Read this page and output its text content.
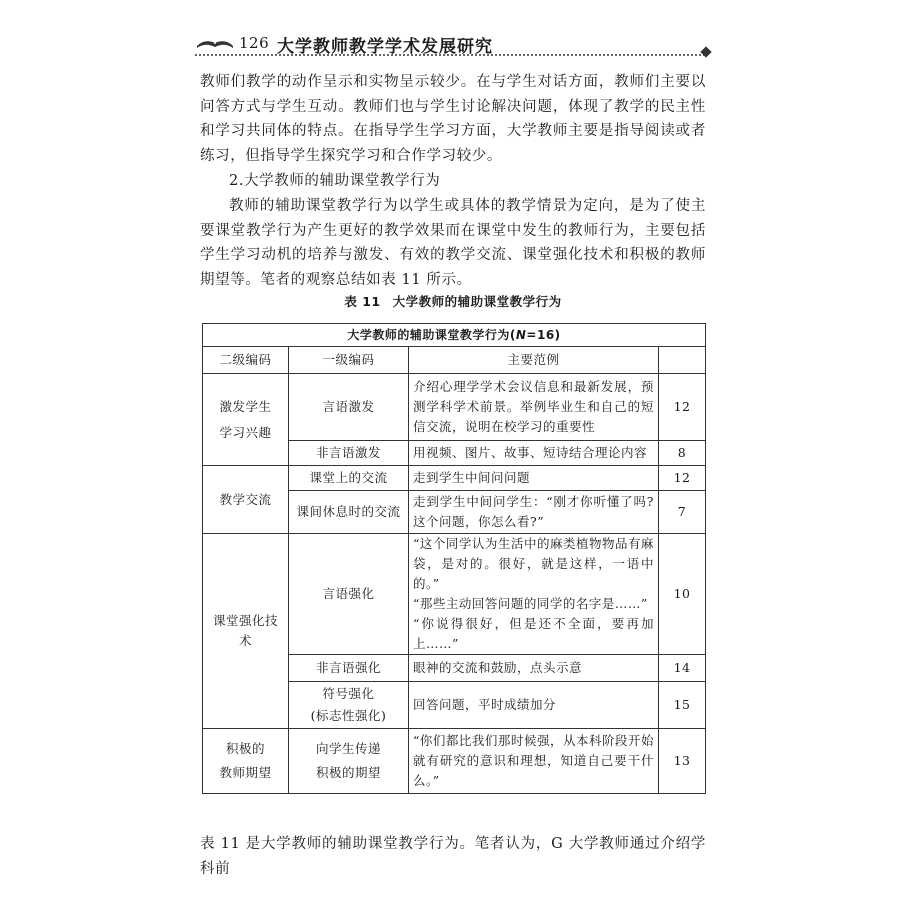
126 大学教师教学学术发展研究

教师们教学的动作呈示和实物呈示较少。在与学生对话方面，教师们主要以问答方式与学生互动。教师们也与学生讨论解决问题，体现了教学的民主性和学习共同体的特点。在指导学生学习方面，大学教师主要是指导阅读或者练习，但指导学生探究学习和合作学习较少。

2.大学教师的辅助课堂教学行为

教师的辅助课堂教学行为以学生或具体的教学情景为定向，是为了使主要课堂教学行为产生更好的教学效果而在课堂中发生的教师行为，主要包括学生学习动机的培养与激发、有效的教学交流、课堂强化技术和积极的教师期望等。笔者的观察总结如表 11 所示。

表 11 大学教师的辅助课堂教学行为
大学教师的辅助课堂教学行为(N=16)			
二级编码	一级编码	主要范例	
激发学生
学习兴趣	言语激发	介绍心理学学术会议信息和最新发展，预测学科学术前景。举例毕业生和自己的短信交流，说明在校学习的重要性	12
	非言语激发	用视频、图片、故事、短诗结合理论内容	8
教学交流	课堂上的交流	走到学生中间问问题	12
	课间休息时的交流	走到学生中间问学生：“刚才你听懂了吗?这个问题，你怎么看?”	7
课堂强化技术	言语强化	“这个同学认为生活中的麻类植物物品有麻袋，是对的。很好，就是这样，一语中的。”
“那些主动回答问题的同学的名字是……”
“你说得很好，但是还不全面，要再加上……”	10
	非言语强化	眼神的交流和鼓励，点头示意	14
	符号强化
(标志性强化)	回答问题，平时成绩加分	15
积极的
教师期望	向学生传递
积极的期望	“你们都比我们那时候强，从本科阶段开始就有研究的意识和理想，知道自己要干什么。”	13

表 11 是大学教师的辅助课堂教学行为。笔者认为，G 大学教师通过介绍学科前
